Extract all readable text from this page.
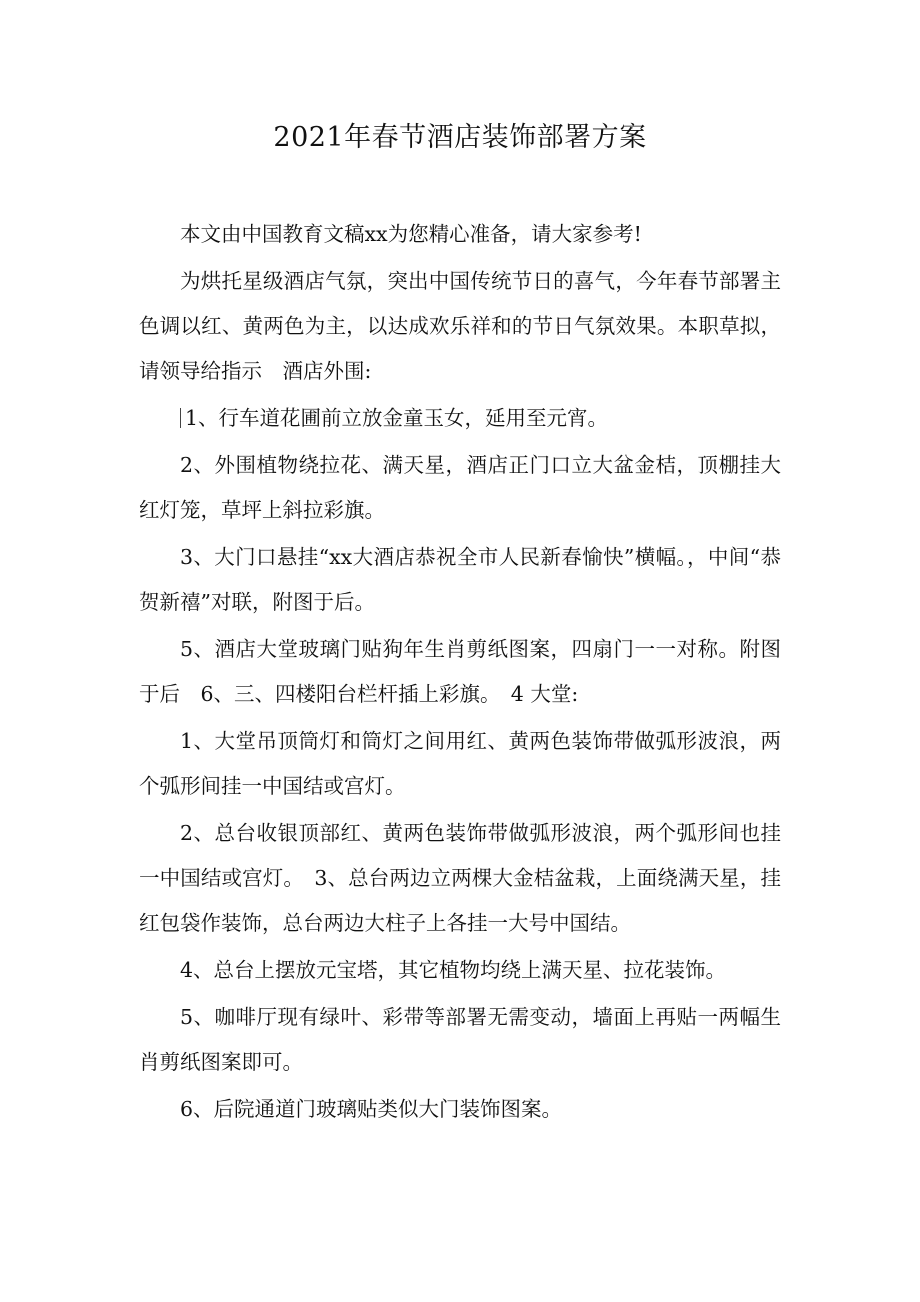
2021年春节酒店装饰部署方案

本文由中国教育文稿xx为您精心准备，请大家参考!

为烘托星级酒店气氛，突出中国传统节日的喜气，今年春节部署主色调以红、黄两色为主，以达成欢乐祥和的节日气氛效果。本职草拟，请领导给指示　酒店外围:

1、行车道花圃前立放金童玉女，延用至元宵。

2、外围植物绕拉花、满天星，酒店正门口立大盆金桔，顶棚挂大红灯笼，草坪上斜拉彩旗。

3、大门口悬挂“xx大酒店恭祝全市人民新春愉快”横幅。，中间“恭贺新禧”对联，附图于后。

5、酒店大堂玻璃门贴狗年生肖剪纸图案，四扇门一一对称。附图于后　6、三、四楼阳台栏杆插上彩旗。　4 大堂:

1、大堂吊顶筒灯和筒灯之间用红、黄两色装饰带做弧形波浪，两个弧形间挂一中国结或宫灯。

2、总台收银顶部红、黄两色装饰带做弧形波浪，两个弧形间也挂一中国结或宫灯。　3、总台两边立两棵大金桔盆栽，上面绕满天星，挂红包袋作装饰，总台两边大柱子上各挂一大号中国结。

4、总台上摆放元宝塔，其它植物均绕上满天星、拉花装饰。

5、咖啡厅现有绿叶、彩带等部署无需变动，墙面上再贴一两幅生肖剪纸图案即可。

6、后院通道门玻璃贴类似大门装饰图案。
